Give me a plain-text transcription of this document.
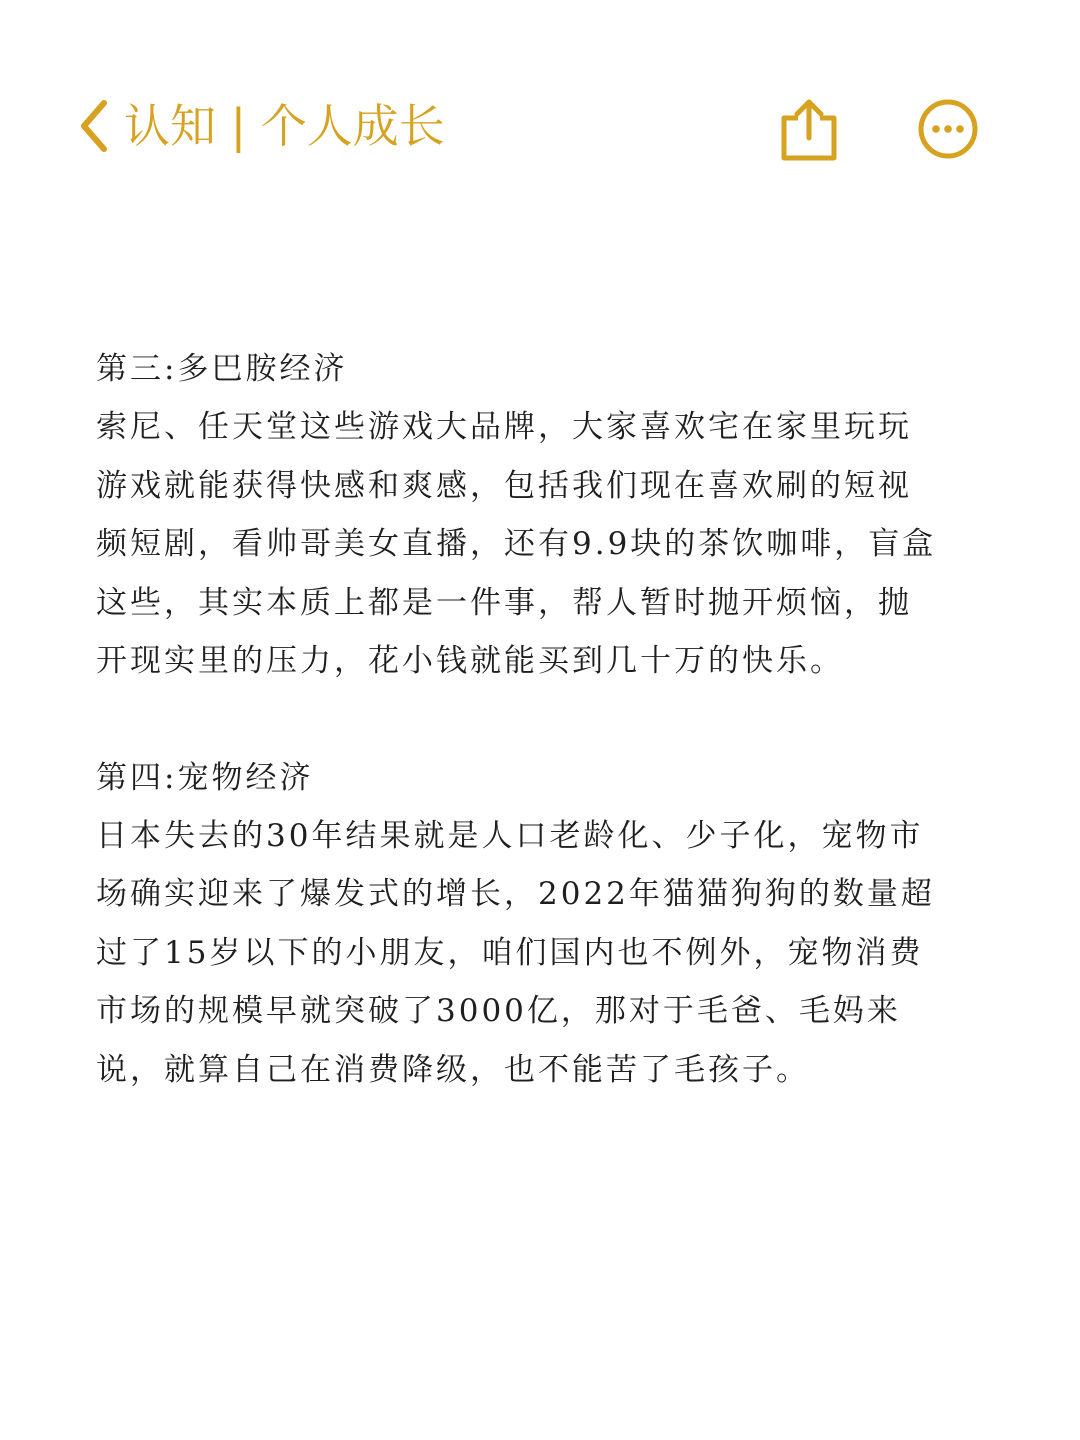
认知 | 个人成长
第三:多巴胺经济
索尼、任天堂这些游戏大品牌，大家喜欢宅在家里玩玩
游戏就能获得快感和爽感，包括我们现在喜欢刷的短视
频短剧，看帅哥美女直播，还有9.9块的茶饮咖啡，盲盒
这些，其实本质上都是一件事，帮人暂时抛开烦恼，抛
开现实里的压力，花小钱就能买到几十万的快乐。
第四:宠物经济
日本失去的30年结果就是人口老龄化、少子化，宠物市
场确实迎来了爆发式的增长，2022年猫猫狗狗的数量超
过了15岁以下的小朋友，咱们国内也不例外，宠物消费
市场的规模早就突破了3000亿，那对于毛爸、毛妈来
说，就算自己在消费降级，也不能苦了毛孩子。
